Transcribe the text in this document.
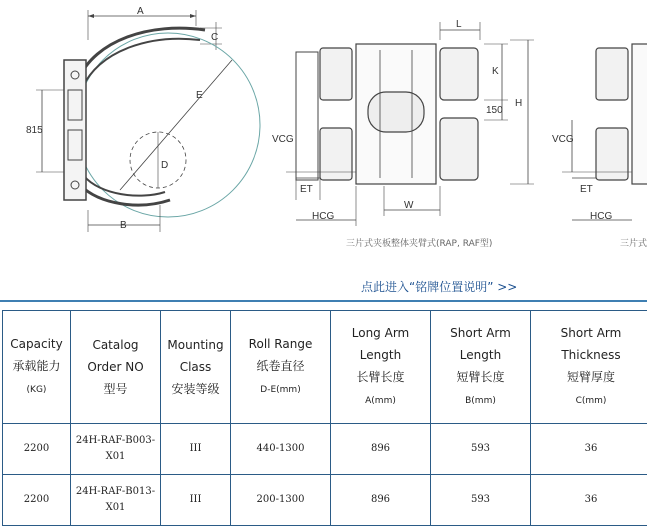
A
C
E
D
B
815
L
K
H
150
VCG
ET
W
HCG
三片式夹板整体夹臂式(RAP, RAF型)
VCG
ET
HCG
三片式
点此进入“铭牌位置说明” >>
Capacity
承载能力
(KG)	Catalog
Order NO
型号	Mounting
Class
安装等级	Roll Range
纸卷直径
D-E(mm)	Long Arm Length
长臂长度
A(mm)	Short Arm
Length
短臂长度
B(mm)	Short Arm
Thickness
短臂厚度
C(mm)
2200	24H-RAF-B003-
X01	III	440-1300	896	593	36
2200	24H-RAF-B013-
X01	III	200-1300	896	593	36
